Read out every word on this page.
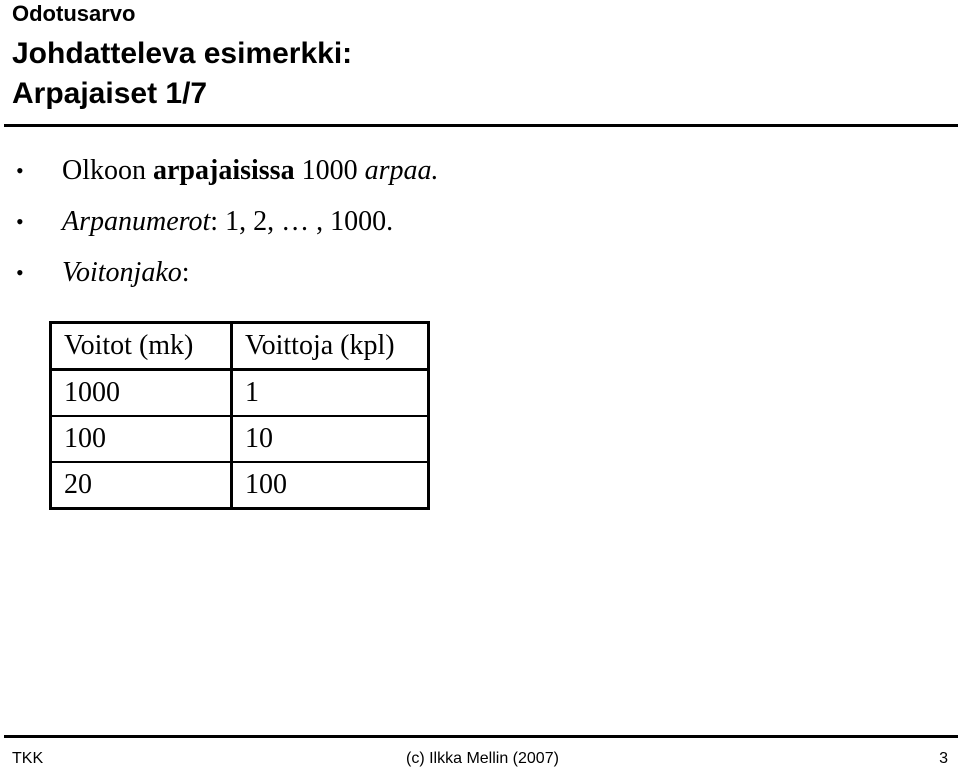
Odotusarvo
Johdatteleva esimerkki:
Arpajaiset 1/7
• Olkoon arpajaisissa 1000 arpaa.
• Arpanumerot: 1, 2, … , 1000.
• Voitonjako:
Voitot (mk)	Voittoja (kpl)
1000	1
100	10
20	100
TKK	(c) Ilkka Mellin (2007)	3
